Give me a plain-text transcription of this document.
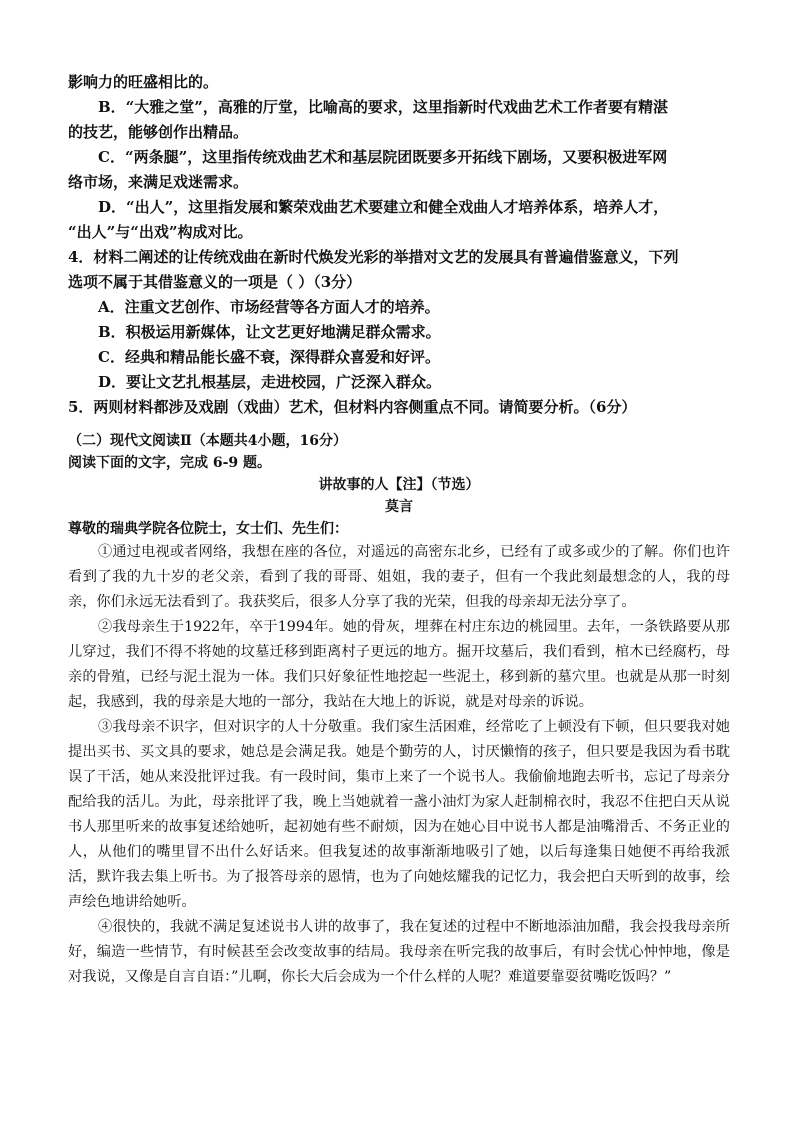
影响力的旺盛相比的。
B．“大雅之堂”，高雅的厅堂，比喻高的要求，这里指新时代戏曲艺术工作者要有精湛
的技艺，能够创作出精品。
C．“两条腿”，这里指传统戏曲艺术和基层院团既要多开拓线下剧场，又要积极进军网
络市场，来满足戏迷需求。
D．“出人”，这里指发展和繁荣戏曲艺术要建立和健全戏曲人才培养体系，培养人才，
“出人”与“出戏”构成对比。
4．材料二阐述的让传统戏曲在新时代焕发光彩的举措对文艺的发展具有普遍借鉴意义，下列
选项不属于其借鉴意义的一项是（ ）（3分）
A．注重文艺创作、市场经营等各方面人才的培养。
B．积极运用新媒体，让文艺更好地满足群众需求。
C．经典和精品能长盛不衰，深得群众喜爱和好评。
D．要让文艺扎根基层，走进校园，广泛深入群众。
5．两则材料都涉及戏剧（戏曲）艺术，但材料内容侧重点不同。请简要分析。（6分）
（二）现代文阅读Ⅱ（本题共4小题，16分）
阅读下面的文字，完成 6-9 题。
讲故事的人【注】（节选）
莫言
尊敬的瑞典学院各位院士，女士们、先生们：
①通过电视或者网络，我想在座的各位，对遥远的高密东北乡，已经有了或多或少的了解。你们也许看到了我的九十岁的老父亲，看到了我的哥哥、姐姐，我的妻子，但有一个我此刻最想念的人，我的母亲，你们永远无法看到了。我获奖后，很多人分享了我的光荣，但我的母亲却无法分享了。
②我母亲生于1922年，卒于1994年。她的骨灰，埋葬在村庄东边的桃园里。去年，一条铁路要从那儿穿过，我们不得不将她的坟墓迁移到距离村子更远的地方。掘开坟墓后，我们看到，棺木已经腐朽，母亲的骨殖，已经与泥土混为一体。我们只好象征性地挖起一些泥土，移到新的墓穴里。也就是从那一时刻起，我感到，我的母亲是大地的一部分，我站在大地上的诉说，就是对母亲的诉说。
③我母亲不识字，但对识字的人十分敬重。我们家生活困难，经常吃了上顿没有下顿，但只要我对她提出买书、买文具的要求，她总是会满足我。她是个勤劳的人，讨厌懒惰的孩子，但只要是我因为看书耽误了干活，她从来没批评过我。有一段时间，集市上来了一个说书人。我偷偷地跑去听书，忘记了母亲分配给我的活儿。为此，母亲批评了我，晚上当她就着一盏小油灯为家人赶制棉衣时，我忍不住把白天从说书人那里听来的故事复述给她听，起初她有些不耐烦，因为在她心目中说书人都是油嘴滑舌、不务正业的人，从他们的嘴里冒不出什么好话来。但我复述的故事渐渐地吸引了她，以后每逢集日她便不再给我派活，默许我去集上听书。为了报答母亲的恩情，也为了向她炫耀我的记忆力，我会把白天听到的故事，绘声绘色地讲给她听。
④很快的，我就不满足复述说书人讲的故事了，我在复述的过程中不断地添油加醋，我会投我母亲所好，编造一些情节，有时候甚至会改变故事的结局。我母亲在听完我的故事后，有时会忧心忡忡地，像是对我说，又像是自言自语：”儿啊，你长大后会成为一个什么样的人呢？难道要靠耍贫嘴吃饭吗？”
